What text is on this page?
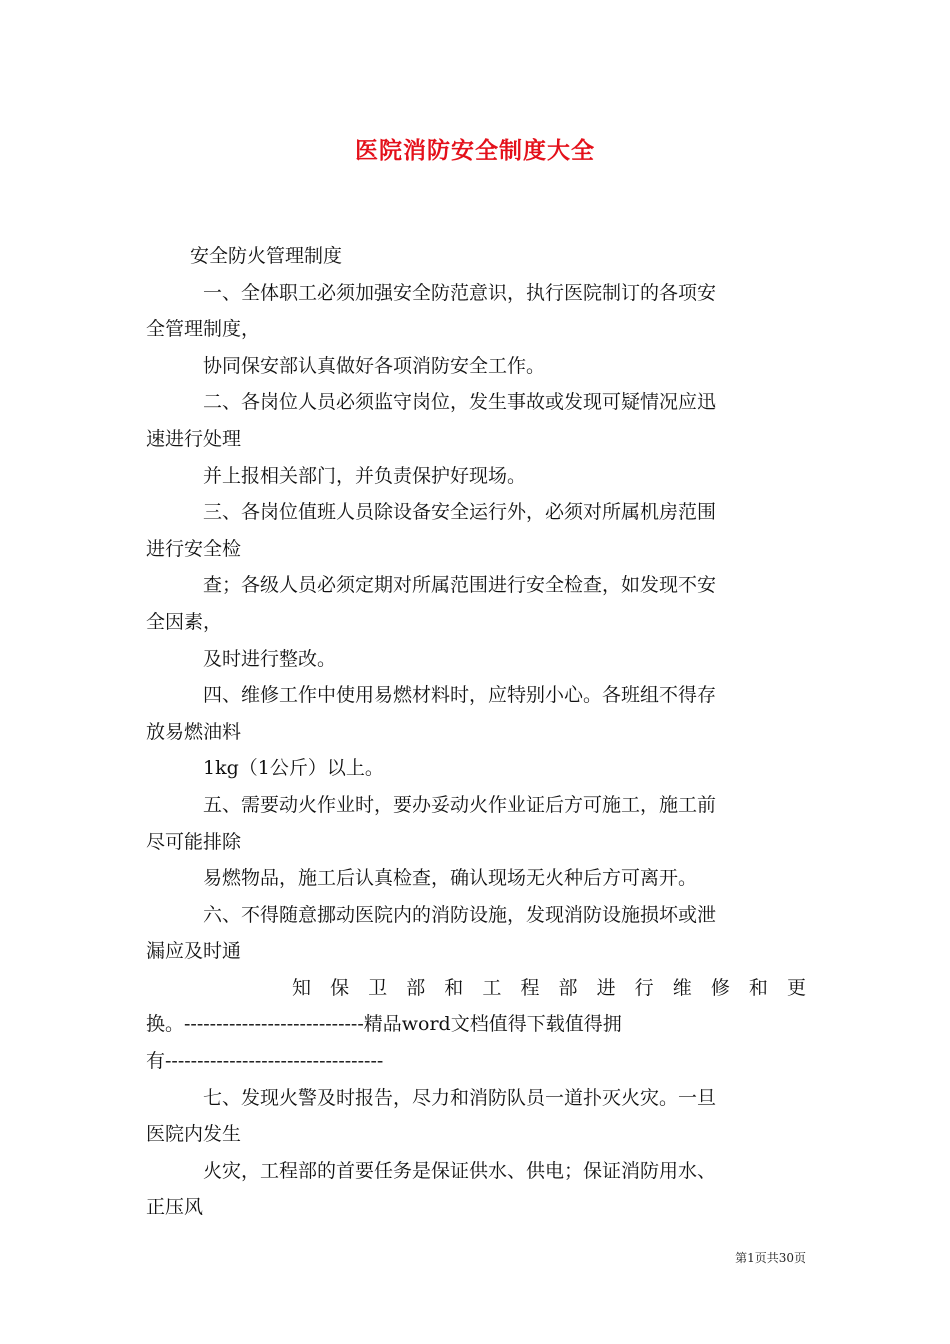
医院消防安全制度大全
安全防火管理制度
一、全体职工必须加强安全防范意识，执行医院制订的各项安
全管理制度，
协同保安部认真做好各项消防安全工作。
二、各岗位人员必须监守岗位，发生事故或发现可疑情况应迅
速进行处理
并上报相关部门，并负责保护好现场。
三、各岗位值班人员除设备安全运行外，必须对所属机房范围
进行安全检
查；各级人员必须定期对所属范围进行安全检查，如发现不安
全因素，
及时进行整改。
四、维修工作中使用易燃材料时，应特别小心。各班组不得存
放易燃油料
1kg（1公斤）以上。
五、需要动火作业时，要办妥动火作业证后方可施工，施工前
尽可能排除
易燃物品，施工后认真检查，确认现场无火种后方可离开。
六、不得随意挪动医院内的消防设施，发现消防设施损坏或泄
漏应及时通
知保卫部和工程部进行维修和更
换。----------------------------精品word文档值得下载值得拥
有----------------------------------
七、发现火警及时报告，尽力和消防队员一道扑灭火灾。一旦
医院内发生
火灾，工程部的首要任务是保证供水、供电；保证消防用水、
正压风
第1页共30页
